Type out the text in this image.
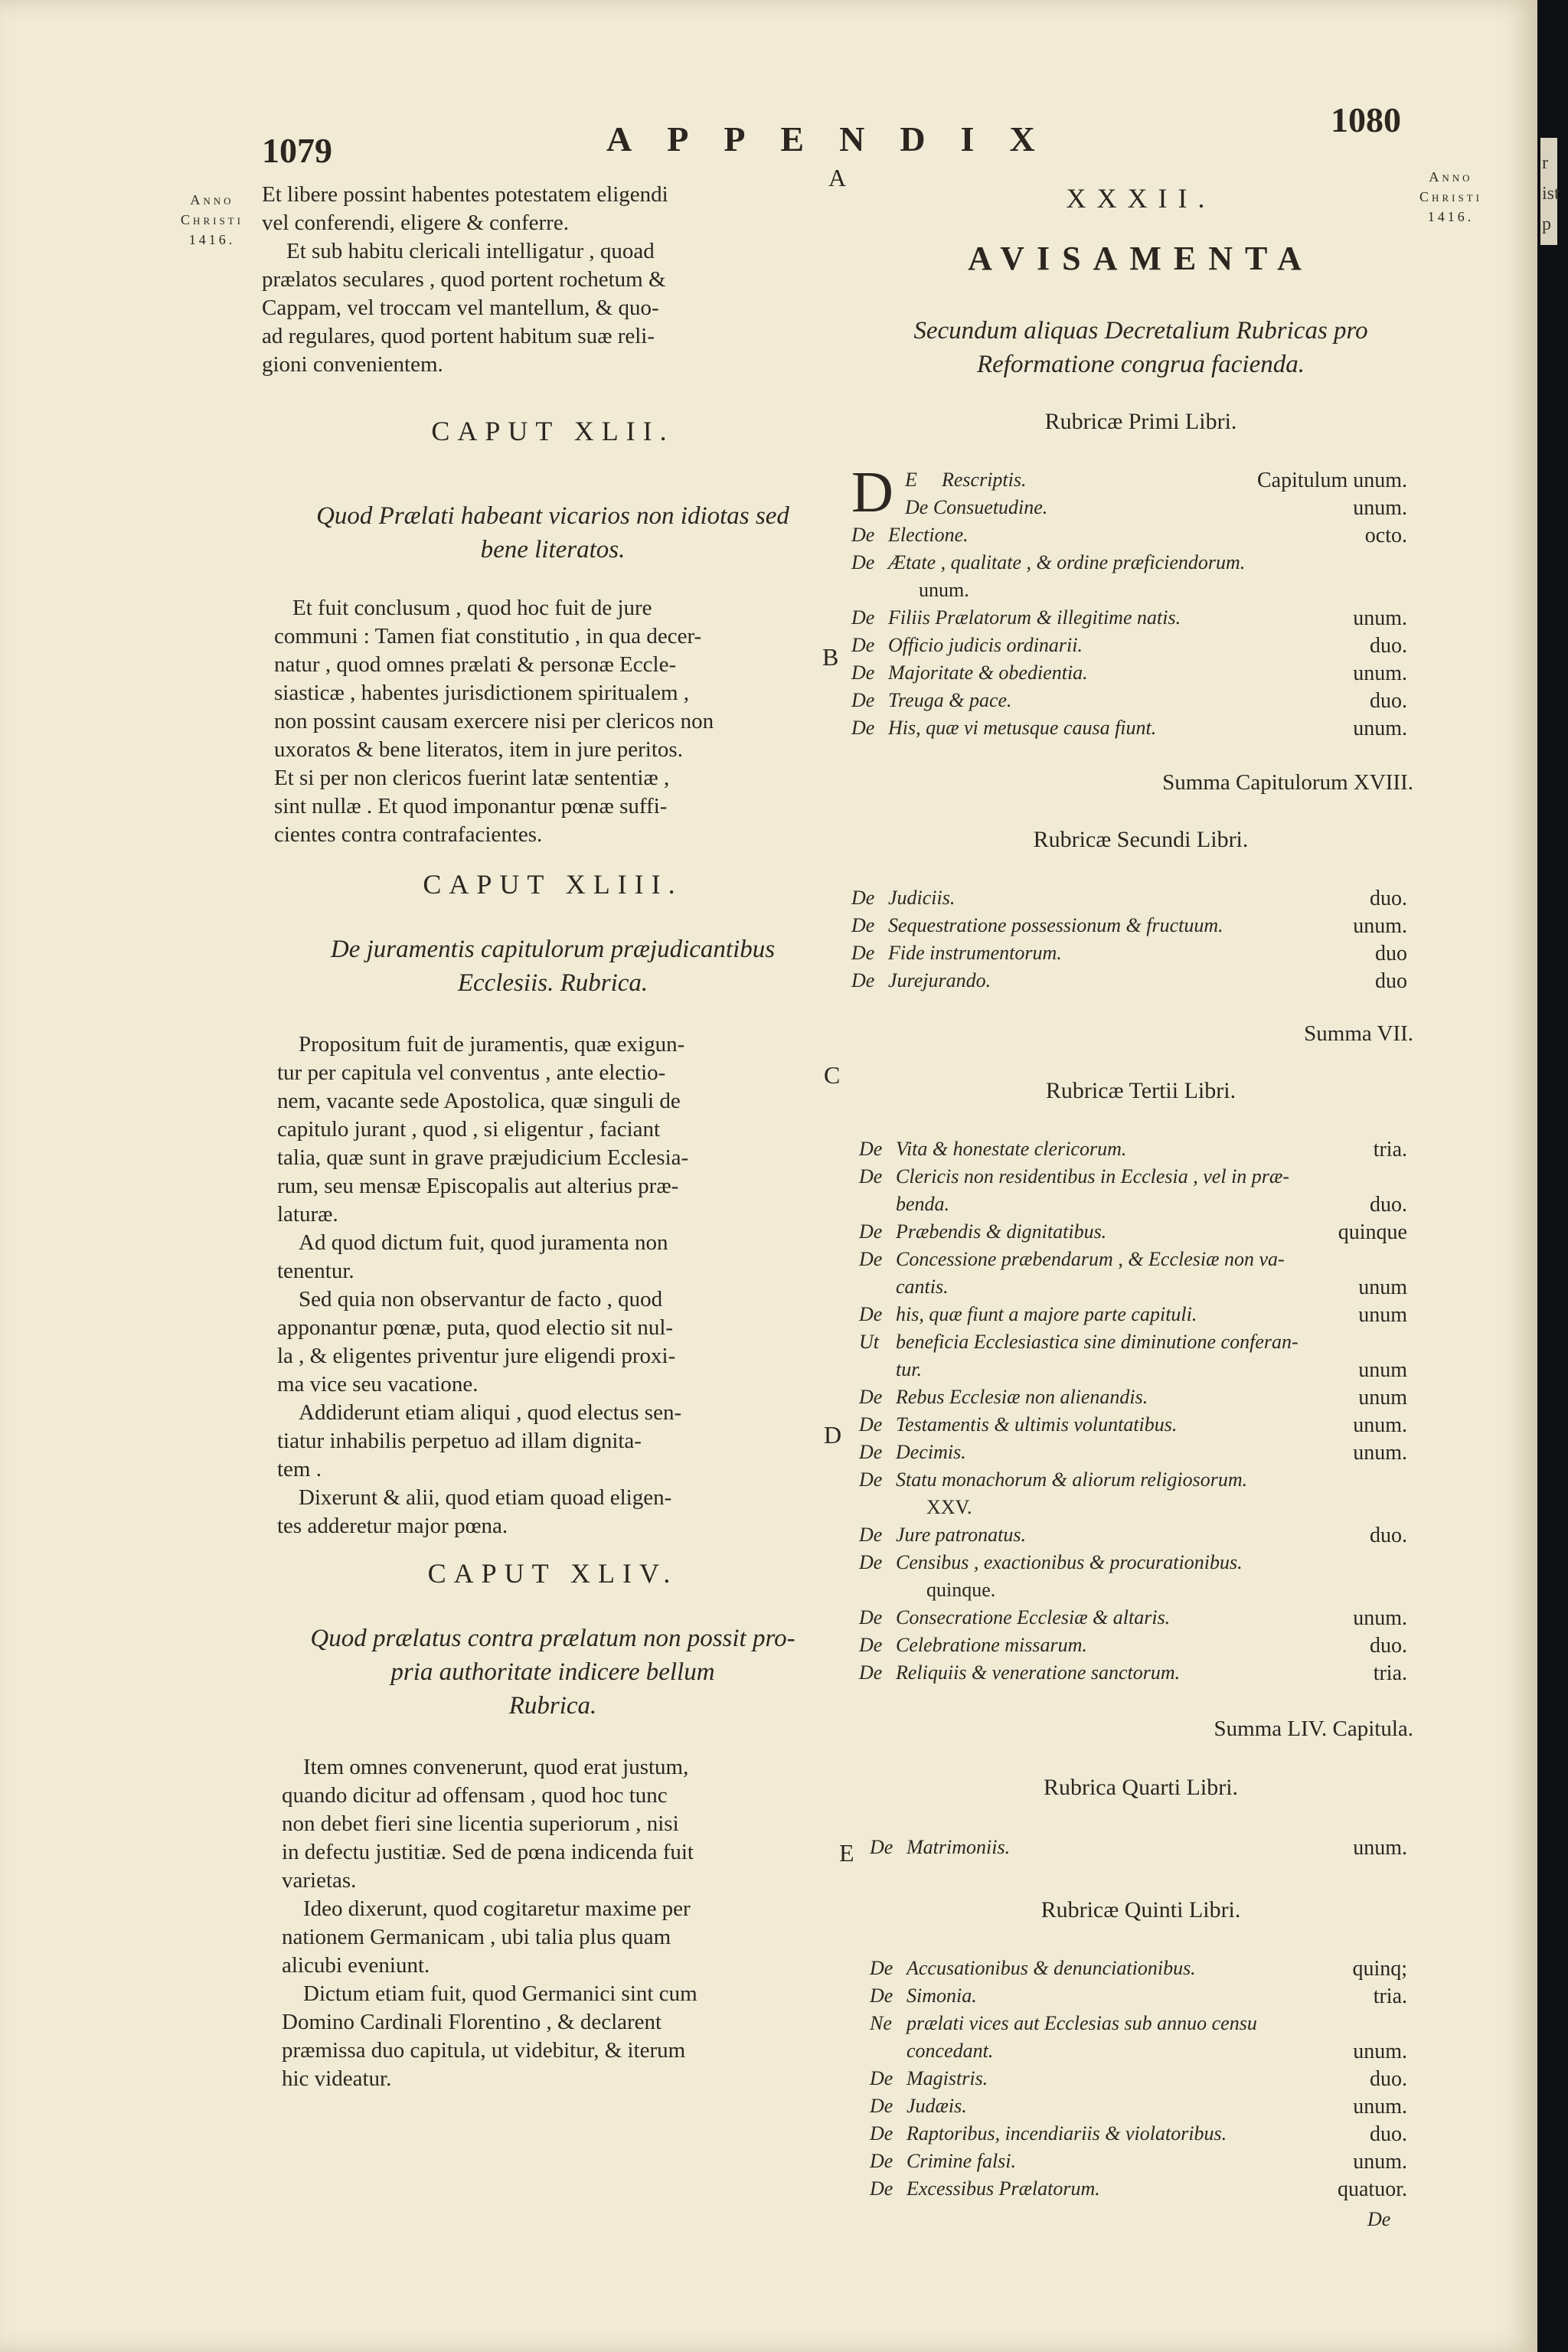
1079	APPENDIX	1080
Anno
Christi
1416.
Anno
Christi
1416.
r
ist
p
Et libere possint habentes potestatem eligendi
vel conferendi, eligere & conferre.
Et sub habitu clericali intelligatur , quoad
prælatos seculares , quod portent rochetum &
Cappam, vel troccam vel mantellum, & quo-
ad regulares, quod portent habitum suæ reli-
gioni convenientem.
CAPUT XLII.
Quod Prælati habeant vicarios non idiotas sed
bene literatos.
Et fuit conclusum , quod hoc fuit de jure
communi : Tamen fiat constitutio , in qua decer-
natur , quod omnes prælati & personæ Eccle-
siasticæ , habentes jurisdictionem spiritualem ,
non possint causam exercere nisi per clericos non
uxoratos & bene literatos, item in jure peritos.
Et si per non clericos fuerint latæ sententiæ ,
sint nullæ . Et quod imponantur pœnæ suffi-
cientes contra contrafacientes.
CAPUT XLIII.
De juramentis capitulorum præjudicantibus
Ecclesiis. Rubrica.
Propositum fuit de juramentis, quæ exigun-
tur per capitula vel conventus , ante electio-
nem, vacante sede Apostolica, quæ singuli de
capitulo jurant , quod , si eligentur , faciant
talia, quæ sunt in grave præjudicium Ecclesia-
rum, seu mensæ Episcopalis aut alterius præ-
laturæ.
Ad quod dictum fuit, quod juramenta non
tenentur.
Sed quia non observantur de facto , quod
apponantur pœnæ, puta, quod electio sit nul-
la , & eligentes priventur jure eligendi proxi-
ma vice seu vacatione.
Addiderunt etiam aliqui , quod electus sen-
tiatur inhabilis perpetuo ad illam dignita-
tem .
Dixerunt & alii, quod etiam quoad eligen-
tes adderetur major pœna.
CAPUT XLIV.
Quod prælatus contra prælatum non possit pro-
pria authoritate indicere bellum
Rubrica.
Item omnes convenerunt, quod erat justum,
quando dicitur ad offensam , quod hoc tunc
non debet fieri sine licentia superiorum , nisi
in defectu justitiæ. Sed de pœna indicenda fuit
varietas.
Ideo dixerunt, quod cogitaretur maxime per
nationem Germanicam , ubi talia plus quam
alicubi eveniunt.
Dictum etiam fuit, quod Germanici sint cum
Domino Cardinali Florentino , & declarent
præmissa duo capitula, ut videbitur, & iterum
hic videatur.
A
B
C
D
E
XXXII.
AVISAMENTA
Secundum aliquas Decretalium Rubricas pro
Reformatione congrua facienda.
Rubricæ Primi Libri.
D E Rescriptis.	Capitulum unum.
De Consuetudine.	unum.
De Electione.	octo.
De Ætate , qualitate , & ordine præficiendorum.
unum.
De Filiis Prælatorum & illegitime natis.	unum.
De Officio judicis ordinarii.	duo.
De Majoritate & obedientia.	unum.
De Treuga & pace.	duo.
De His, quæ vi metusque causa fiunt.	unum.
Summa Capitulorum XVIII.
Rubricæ Secundi Libri.
De Judiciis.	duo.
De Sequestratione possessionum & fructuum.	unum.
De Fide instrumentorum.	duo
De Jurejurando.	duo
Summa VII.
Rubricæ Tertii Libri.
De Vita & honestate clericorum.	tria.
De Clericis non residentibus in Ecclesia , vel in præ-
benda.	duo.
De Præbendis & dignitatibus.	quinque
De Concessione præbendarum , & Ecclesiæ non va-
cantis.	unum
De his, quæ fiunt a majore parte capituli.	unum
Ut beneficia Ecclesiastica sine diminutione conferan-
tur.	unum
De Rebus Ecclesiæ non alienandis.	unum
De Testamentis & ultimis voluntatibus.	unum.
De Decimis.	unum.
De Statu monachorum & aliorum religiosorum.
XXV.
De Jure patronatus.	duo.
De Censibus , exactionibus & procurationibus.
quinque.
De Consecratione Ecclesiæ & altaris.	unum.
De Celebratione missarum.	duo.
De Reliquiis & veneratione sanctorum.	tria.
Summa LIV. Capitula.
Rubrica Quarti Libri.
De Matrimoniis.	unum.
Rubricæ Quinti Libri.
De Accusationibus & denunciationibus.	quinq;
De Simonia.	tria.
Ne prælati vices aut Ecclesias sub annuo censu
concedant.	unum.
De Magistris.	duo.
De Judæis.	unum.
De Raptoribus, incendiariis & violatoribus.	duo.
De Crimine falsi.	unum.
De Excessibus Prælatorum.	quatuor.
De
